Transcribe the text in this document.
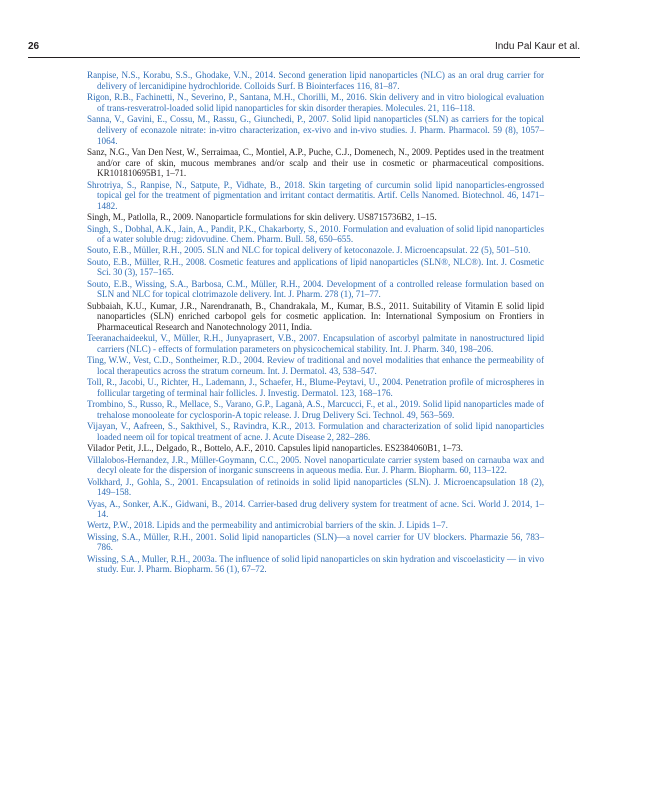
26	Indu Pal Kaur et al.
Ranpise, N.S., Korabu, S.S., Ghodake, V.N., 2014. Second generation lipid nanoparticles (NLC) as an oral drug carrier for delivery of lercanidipine hydrochloride. Colloids Surf. B Biointerfaces 116, 81–87.
Rigon, R.B., Fachinetti, N., Severino, P., Santana, M.H., Chorilli, M., 2016. Skin delivery and in vitro biological evaluation of trans-resveratrol-loaded solid lipid nanoparticles for skin disorder therapies. Molecules. 21, 116–118.
Sanna, V., Gavini, E., Cossu, M., Rassu, G., Giunchedi, P., 2007. Solid lipid nanoparticles (SLN) as carriers for the topical delivery of econazole nitrate: in-vitro characterization, ex-vivo and in-vivo studies. J. Pharm. Pharmacol. 59 (8), 1057–1064.
Sanz, N.G., Van Den Nest, W., Serraimaa, C., Montiel, A.P., Puche, C.J., Domenech, N., 2009. Peptides used in the treatment and/or care of skin, mucous membranes and/or scalp and their use in cosmetic or pharmaceutical compositions. KR101810695B1, 1–71.
Shrotriya, S., Ranpise, N., Satpute, P., Vidhate, B., 2018. Skin targeting of curcumin solid lipid nanoparticles-engrossed topical gel for the treatment of pigmentation and irritant contact dermatitis. Artif. Cells Nanomed. Biotechnol. 46, 1471–1482.
Singh, M., Patlolla, R., 2009. Nanoparticle formulations for skin delivery. US8715736B2, 1–15.
Singh, S., Dobhal, A.K., Jain, A., Pandit, P.K., Chakarborty, S., 2010. Formulation and evaluation of solid lipid nanoparticles of a water soluble drug: zidovudine. Chem. Pharm. Bull. 58, 650–655.
Souto, E.B., Müller, R.H., 2005. SLN and NLC for topical delivery of ketoconazole. J. Microencapsulat. 22 (5), 501–510.
Souto, E.B., Müller, R.H., 2008. Cosmetic features and applications of lipid nanoparticles (SLN®, NLC®). Int. J. Cosmetic Sci. 30 (3), 157–165.
Souto, E.B., Wissing, S.A., Barbosa, C.M., Müller, R.H., 2004. Development of a controlled release formulation based on SLN and NLC for topical clotrimazole delivery. Int. J. Pharm. 278 (1), 71–77.
Subbaiah, K.U., Kumar, J.R., Narendranath, B., Chandrakala, M., Kumar, B.S., 2011. Suitability of Vitamin E solid lipid nanoparticles (SLN) enriched carbopol gels for cosmetic application. In: International Symposium on Frontiers in Pharmaceutical Research and Nanotechnology 2011, India.
Teeranachaideekul, V., Müller, R.H., Junyaprasert, V.B., 2007. Encapsulation of ascorbyl palmitate in nanostructured lipid carriers (NLC) - effects of formulation parameters on physicochemical stability. Int. J. Pharm. 340, 198–206.
Ting, W.W., Vest, C.D., Sontheimer, R.D., 2004. Review of traditional and novel modalities that enhance the permeability of local therapeutics across the stratum corneum. Int. J. Dermatol. 43, 538–547.
Toll, R., Jacobi, U., Richter, H., Lademann, J., Schaefer, H., Blume-Peytavi, U., 2004. Penetration profile of microspheres in follicular targeting of terminal hair follicles. J. Investig. Dermatol. 123, 168–176.
Trombino, S., Russo, R., Mellace, S., Varano, G.P., Laganà, A.S., Marcucci, F., et al., 2019. Solid lipid nanoparticles made of trehalose monooleate for cyclosporin-A topic release. J. Drug Delivery Sci. Technol. 49, 563–569.
Vijayan, V., Aafreen, S., Sakthivel, S., Ravindra, K.R., 2013. Formulation and characterization of solid lipid nanoparticles loaded neem oil for topical treatment of acne. J. Acute Disease 2, 282–286.
Vilador Petit, J.L., Delgado, R., Bottelo, A.F., 2010. Capsules lipid nanoparticles. ES2384060B1, 1–73.
Villalobos-Hernandez, J.R., Müller-Goymann, C.C., 2005. Novel nanoparticulate carrier system based on carnauba wax and decyl oleate for the dispersion of inorganic sunscreens in aqueous media. Eur. J. Pharm. Biopharm. 60, 113–122.
Volkhard, J., Gohla, S., 2001. Encapsulation of retinoids in solid lipid nanoparticles (SLN). J. Microencapsulation 18 (2), 149–158.
Vyas, A., Sonker, A.K., Gidwani, B., 2014. Carrier-based drug delivery system for treatment of acne. Sci. World J. 2014, 1–14.
Wertz, P.W., 2018. Lipids and the permeability and antimicrobial barriers of the skin. J. Lipids 1–7.
Wissing, S.A., Müller, R.H., 2001. Solid lipid nanoparticles (SLN)—a novel carrier for UV blockers. Pharmazie 56, 783–786.
Wissing, S.A., Muller, R.H., 2003a. The influence of solid lipid nanoparticles on skin hydration and viscoelasticity — in vivo study. Eur. J. Pharm. Biopharm. 56 (1), 67–72.
